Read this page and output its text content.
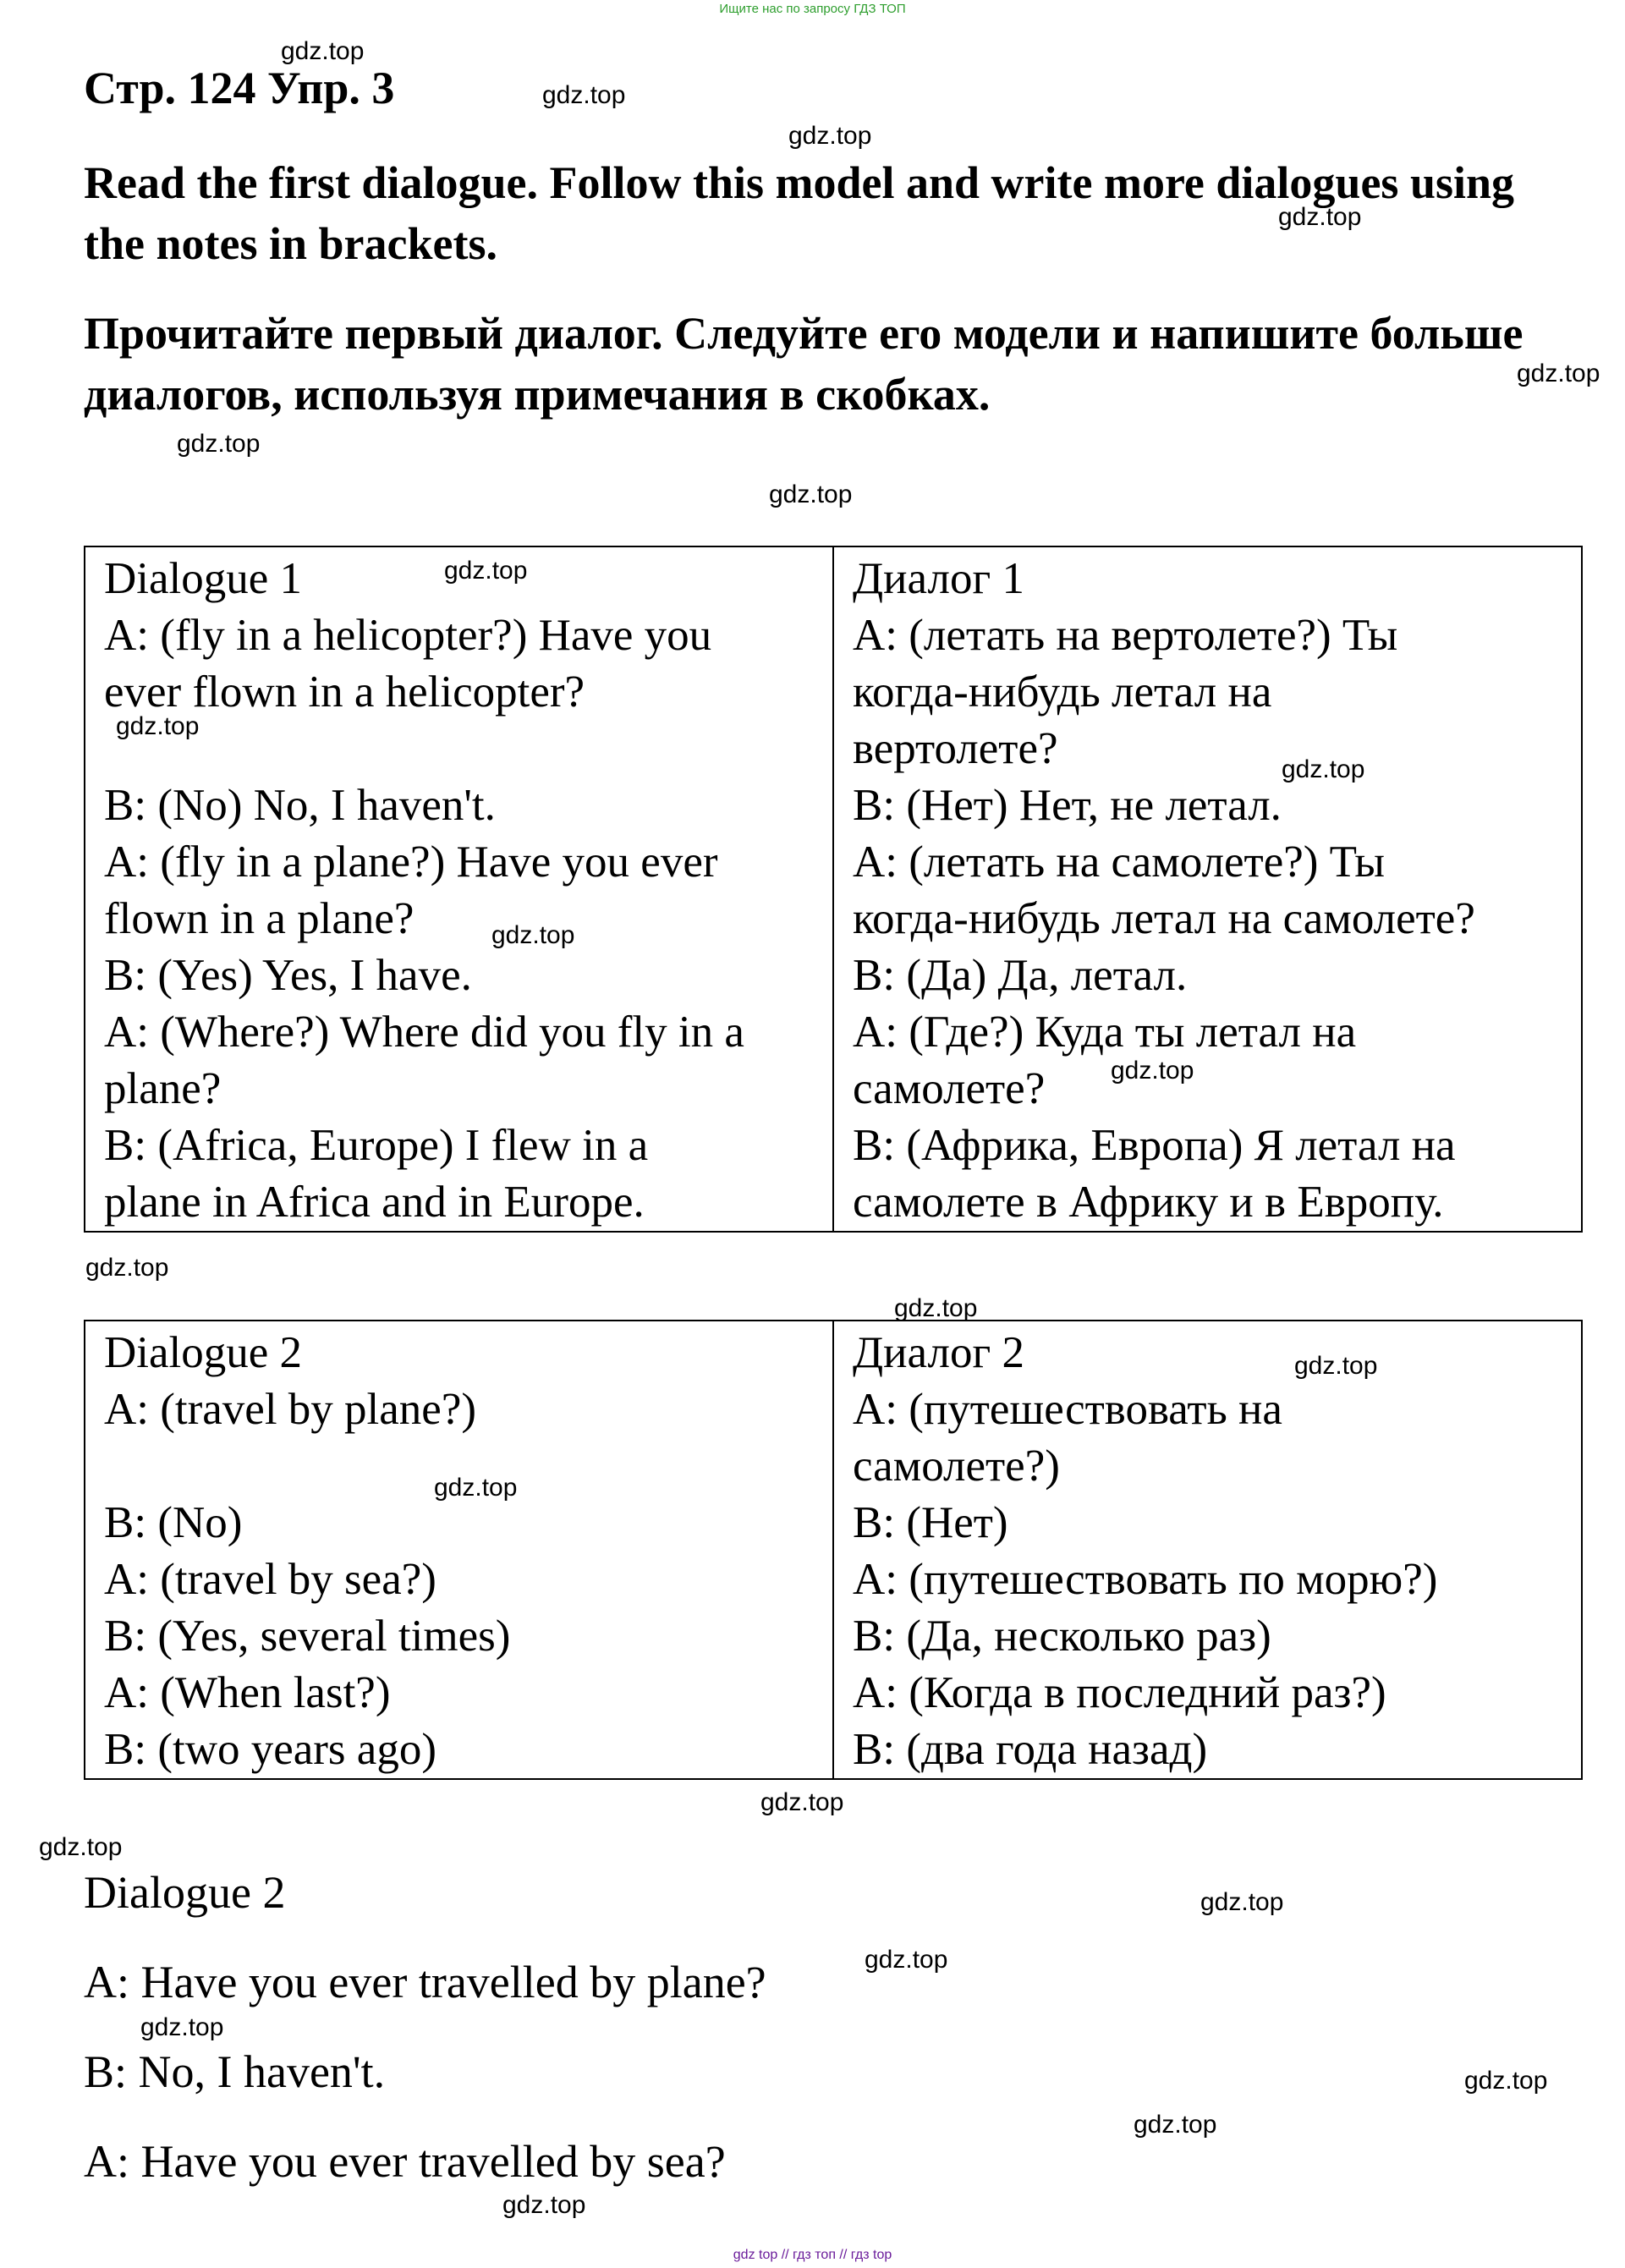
Ищите нас по запросу ГДЗ ТОП
Стр. 124 Упр. 3

Read the first dialogue. Follow this model and write more dialogues using the notes in brackets.

Прочитайте первый диалог. Следуйте его модели и напишите больше диалогов, используя примечания в скобках.

Dialogue 1
A: (fly in a helicopter?) Have you
ever flown in a helicopter?
B: (No) No, I haven't.
A: (fly in a plane?) Have you ever
flown in a plane?
B: (Yes) Yes, I have.
A: (Where?) Where did you fly in a
plane?
B: (Africa, Europe) I flew in a
plane in Africa and in Europe.

Диалог 1
A: (летать на вертолете?) Ты
когда-нибудь летал на
вертолете?
B: (Нет) Нет, не летал.
A: (летать на самолете?) Ты
когда-нибудь летал на самолете?
B: (Да) Да, летал.
A: (Где?) Куда ты летал на
самолете?
B: (Африка, Европа) Я летал на
самолете в Африку и в Европу.
Dialogue 2
A: (travel by plane?)
B: (No)
A: (travel by sea?)
B: (Yes, several times)
A: (When last?)
B: (two years ago)

Диалог 2
A: (путешествовать на
самолете?)
B: (Нет)
A: (путешествовать по морю?)
B: (Да, несколько раз)
A: (Когда в последний раз?)
B: (два года назад)
Dialogue 2
A: Have you ever travelled by plane?
B: No, I haven't.
A: Have you ever travelled by sea?
gdz.top
gdz.top
gdz.top
gdz.top
gdz.top
gdz.top
gdz.top
gdz.top
gdz.top
gdz.top
gdz.top
gdz.top
gdz.top
gdz.top
gdz.top
gdz.top
gdz.top
gdz.top
gdz.top
gdz.top
gdz.top
gdz.top
gdz.top
gdz.top
gdz top // гдз топ // гдз top
